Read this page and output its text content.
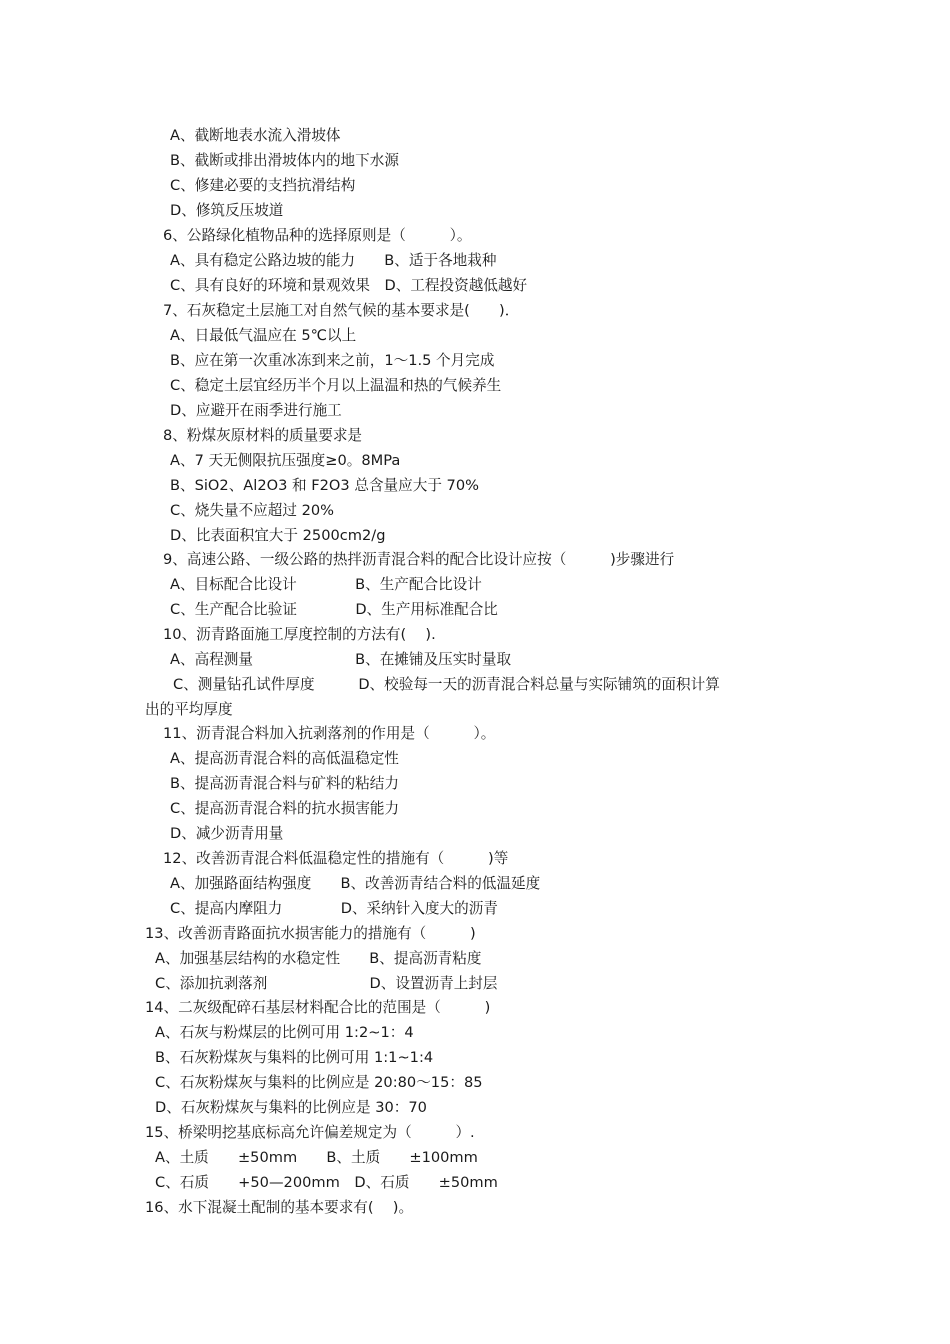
A、截断地表水流入滑坡体

B、截断或排出滑坡体内的地下水源

C、修建必要的支挡抗滑结构

D、修筑反压坡道

6、公路绿化植物品种的选择原则是（　　　）。

A、具有稳定公路边坡的能力　　B、适于各地栽种

C、具有良好的环境和景观效果　D、工程投资越低越好

7、石灰稳定土层施工对自然气候的基本要求是(　　)．

A、日最低气温应在 5℃以上

B、应在第一次重冰冻到来之前，1～1.5 个月完成

C、稳定土层宜经历半个月以上温温和热的气候养生

D、应避开在雨季进行施工

8、粉煤灰原材料的质量要求是

A、7 天无侧限抗压强度≥0。8MPa

B、SiO2、Al2O3 和 F2O3 总含量应大于 70%

C、烧失量不应超过 20%

D、比表面积宜大于 2500cm2/g

9、高速公路、一级公路的热拌沥青混合料的配合比设计应按（　　　)步骤进行

A、目标配合比设计　　　　B、生产配合比设计

C、生产配合比验证　　　　D、生产用标准配合比

10、沥青路面施工厚度控制的方法有(　 ).

A、高程测量　　　　　　　B、在摊铺及压实时量取

C、测量钻孔试件厚度　　　D、校验每一天的沥青混合料总量与实际铺筑的面积计算

出的平均厚度

11、沥青混合料加入抗剥落剂的作用是（　　　）。

A、提高沥青混合料的高低温稳定性

B、提高沥青混合料与矿料的粘结力

C、提高沥青混合料的抗水损害能力

D、减少沥青用量

12、改善沥青混合料低温稳定性的措施有（　　　)等

A、加强路面结构强度　　B、改善沥青结合料的低温延度

C、提高内摩阻力　　　　D、采纳针入度大的沥青

13、改善沥青路面抗水损害能力的措施有（　　　)

A、加强基层结构的水稳定性　　B、提高沥青粘度

C、添加抗剥落剂　　　　　　　D、设置沥青上封层

14、二灰级配碎石基层材料配合比的范围是（　　　)

A、石灰与粉煤层的比例可用 1:2~1：4

B、石灰粉煤灰与集料的比例可用 1:1~1:4

C、石灰粉煤灰与集料的比例应是 20:80～15：85

D、石灰粉煤灰与集料的比例应是 30：70

15、桥梁明挖基底标高允许偏差规定为（　　　）.

A、土质　　±50mm　　B、土质　　±100mm

C、石质　　+50—200mm　D、石质　　±50mm

16、水下混凝土配制的基本要求有(　 )。
